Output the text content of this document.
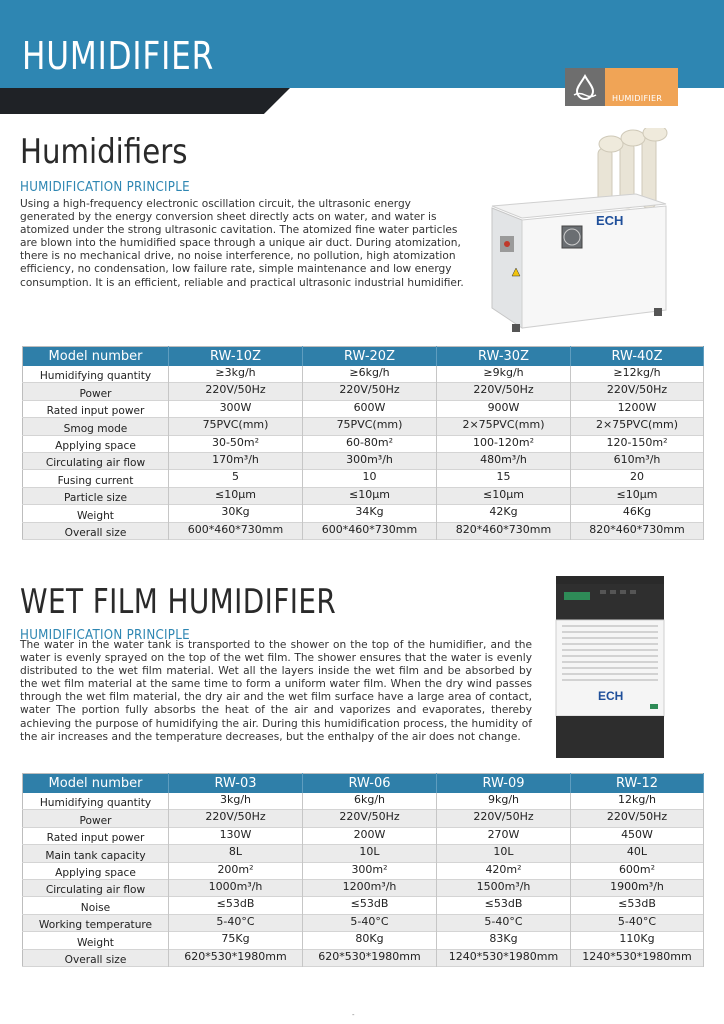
HUMIDIFIER
HUMIDIFIER
Humidifiers
HUMIDIFICATION PRINCIPLE

Using a high-frequency electronic oscillation circuit, the ultrasonic energy generated by the energy conversion sheet directly acts on water, and water is atomized under the strong ultrasonic cavitation. The atomized fine water particles are blown into the humidified space through a unique air duct. During atomization, there is no mechanical drive, no noise interference, no pollution, high atomization efficiency, no condensation, low failure rate, simple maintenance and low energy consumption. It is an efficient, reliable and practical ultrasonic industrial humidifier.

ECH
Model number	RW-10Z	RW-20Z	RW-30Z	RW-40Z
Humidifying quantity	≥3kg/h	≥6kg/h	≥9kg/h	≥12kg/h
Power	220V/50Hz	220V/50Hz	220V/50Hz	220V/50Hz
Rated input power	300W	600W	900W	1200W
Smog mode	75PVC(mm)	75PVC(mm)	2×75PVC(mm)	2×75PVC(mm)
Applying space	30-50m²	60-80m²	100-120m²	120-150m²
Circulating air flow	170m³/h	300m³/h	480m³/h	610m³/h
Fusing current	5	10	15	20
Particle size	≤10μm	≤10μm	≤10μm	≤10μm
Weight	30Kg	34Kg	42Kg	46Kg
Overall size	600*460*730mm	600*460*730mm	820*460*730mm	820*460*730mm
WET FILM HUMIDIFIER
HUMIDIFICATION PRINCIPLE

The water in the water tank is transported to the shower on the top of the humidifier, and the water is evenly sprayed on the top of the wet film. The shower ensures that the water is evenly distributed to the wet film material. Wet all the layers inside the wet film and be absorbed by the wet film material at the same time to form a uniform water film. When the dry wind passes through the wet film material, the dry air and the wet film surface have a large area of contact, water The portion fully absorbs the heat of the air and vaporizes and evaporates, thereby achieving the purpose of humidifying the air. During this humidification process, the humidity of the air increases and the temperature decreases, but the enthalpy of the air does not change.

ECH
Model number	RW-03	RW-06	RW-09	RW-12
Humidifying quantity	3kg/h	6kg/h	9kg/h	12kg/h
Power	220V/50Hz	220V/50Hz	220V/50Hz	220V/50Hz
Rated input power	130W	200W	270W	450W
Main tank capacity	8L	10L	10L	40L
Applying space	200m²	300m²	420m²	600m²
Circulating air flow	1000m³/h	1200m³/h	1500m³/h	1900m³/h
Noise	≤53dB	≤53dB	≤53dB	≤53dB
Working temperature	5-40°C	5-40°C	5-40°C	5-40°C
Weight	75Kg	80Kg	83Kg	110Kg
Overall size	620*530*1980mm	620*530*1980mm	1240*530*1980mm	1240*530*1980mm
-
